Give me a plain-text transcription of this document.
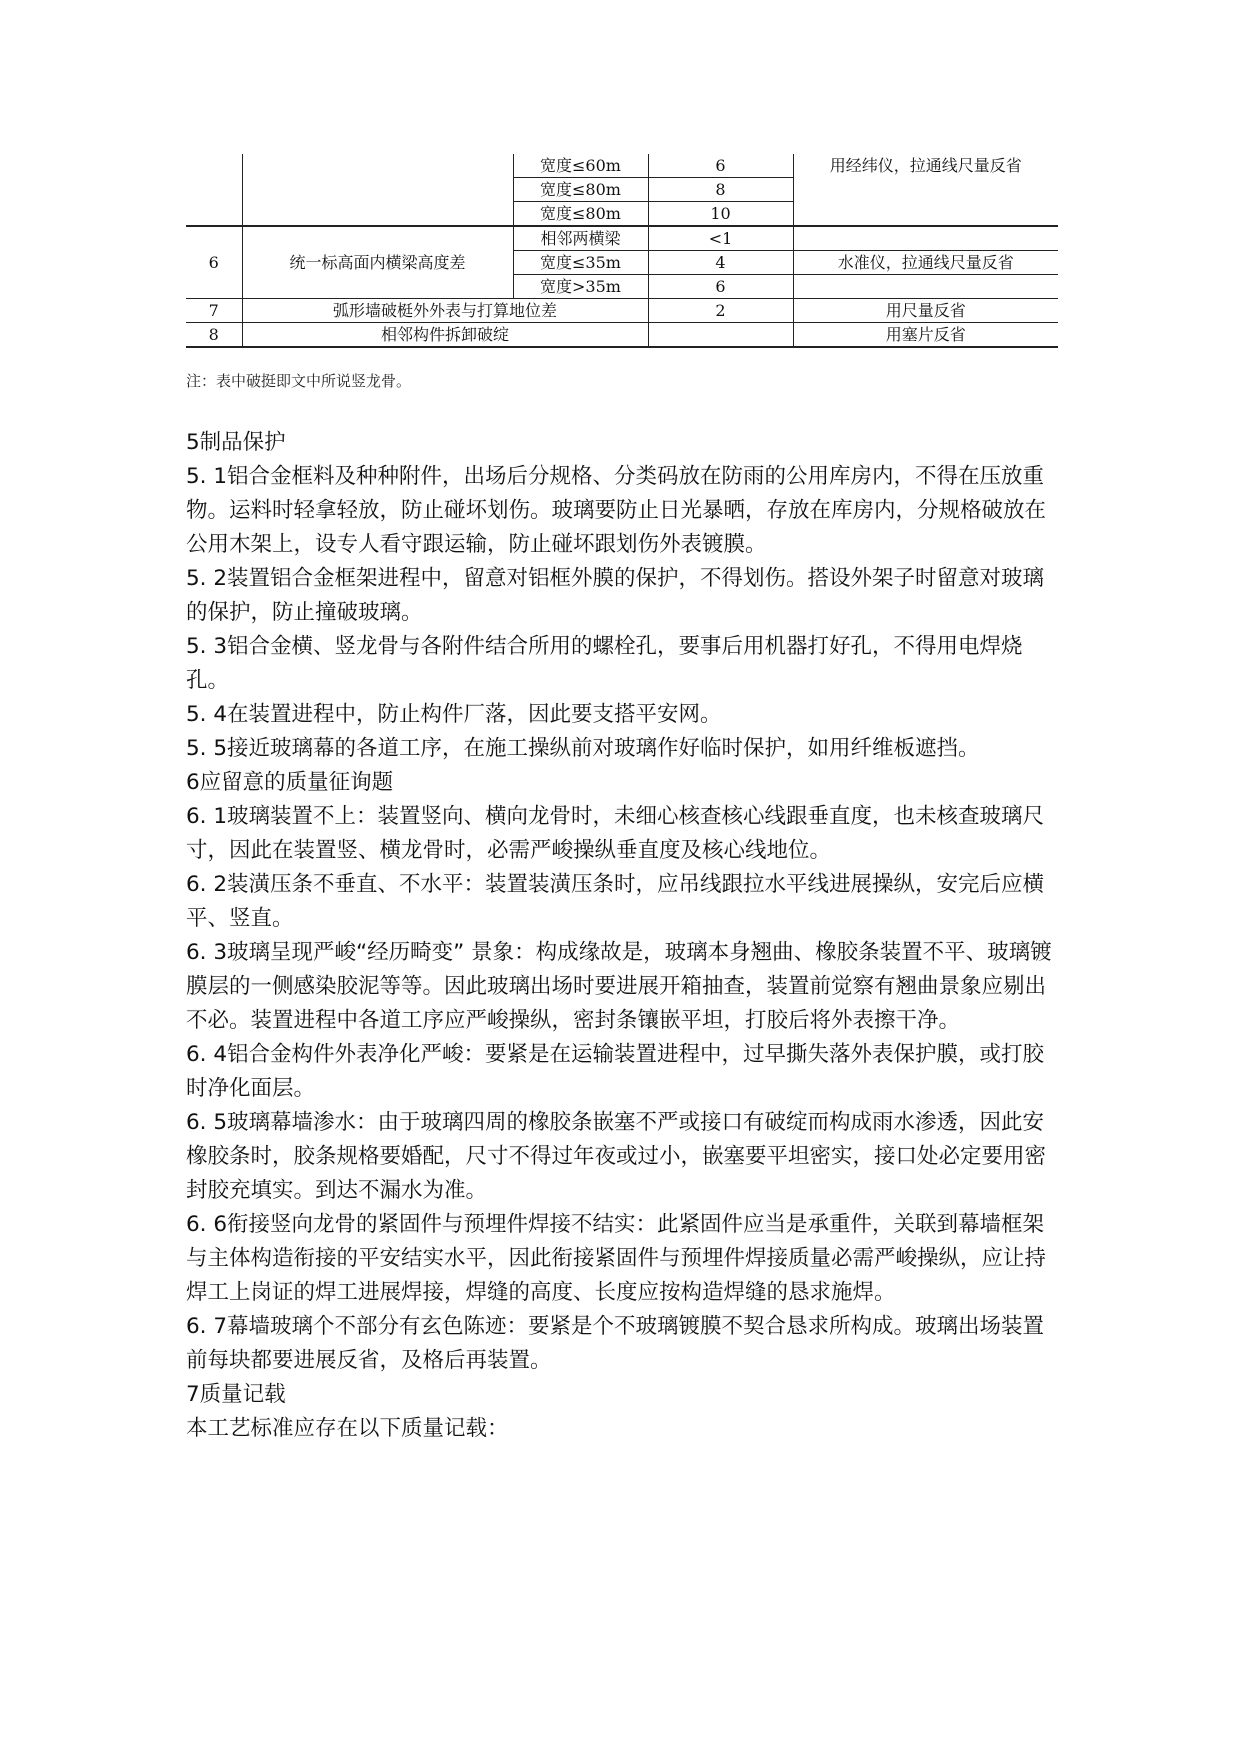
		宽度≤60m	6	用经纬仪，拉通线尺量反省
		宽度≤80m	8	
		宽度≤80m	10	
6	统一标高面内横梁高度差	相邻两横梁	<1	
		宽度≤35m	4	水准仪，拉通线尺量反省
		宽度>35m	6	
7	弧形墙破梃外外表与打算地位差		2	用尺量反省
8	相邻构件拆卸破绽			用塞片反省
注：表中破挺即文中所说竖龙骨。

5制品保护

5. 1铝合金框料及种种附件，出场后分规格、分类码放在防雨的公用库房内，不得在压放重物。运料时轻拿轻放，防止碰坏划伤。玻璃要防止日光暴晒，存放在库房内，分规格破放在公用木架上，设专人看守跟运输，防止碰坏跟划伤外表镀膜。

5. 2装置铝合金框架进程中，留意对铝框外膜的保护，不得划伤。搭设外架子时留意对玻璃的保护，防止撞破玻璃。

5. 3铝合金横、竖龙骨与各附件结合所用的螺栓孔，要事后用机器打好孔，不得用电焊烧孔。

5. 4在装置进程中，防止构件厂落，因此要支搭平安网。

5. 5接近玻璃幕的各道工序，在施工操纵前对玻璃作好临时保护，如用纤维板遮挡。

6应留意的质量征询题

6. 1玻璃装置不上：装置竖向、横向龙骨时，未细心核查核心线跟垂直度，也未核查玻璃尺寸，因此在装置竖、横龙骨时，必需严峻操纵垂直度及核心线地位。

6. 2装潢压条不垂直、不水平：装置装潢压条时，应吊线跟拉水平线进展操纵，安完后应横平、竖直。

6. 3玻璃呈现严峻“经历畸变” 景象：构成缘故是，玻璃本身翘曲、橡胶条装置不平、玻璃镀膜层的一侧感染胶泥等等。因此玻璃出场时要进展开箱抽查，装置前觉察有翘曲景象应剔出不必。装置进程中各道工序应严峻操纵，密封条镶嵌平坦，打胶后将外表擦干净。

6. 4铝合金构件外表净化严峻：要紧是在运输装置进程中，过早撕失落外表保护膜，或打胶时净化面层。

6. 5玻璃幕墙渗水：由于玻璃四周的橡胶条嵌塞不严或接口有破绽而构成雨水渗透，因此安橡胶条时，胶条规格要婚配，尺寸不得过年夜或过小，嵌塞要平坦密实，接口处必定要用密封胶充填实。到达不漏水为准。

6. 6衔接竖向龙骨的紧固件与预埋件焊接不结实：此紧固件应当是承重件，关联到幕墙框架与主体构造衔接的平安结实水平，因此衔接紧固件与预埋件焊接质量必需严峻操纵，应让持焊工上岗证的焊工进展焊接，焊缝的高度、长度应按构造焊缝的恳求施焊。

6. 7幕墙玻璃个不部分有玄色陈迹：要紧是个不玻璃镀膜不契合恳求所构成。玻璃出场装置前每块都要进展反省，及格后再装置。

7质量记载

本工艺标准应存在以下质量记载：
